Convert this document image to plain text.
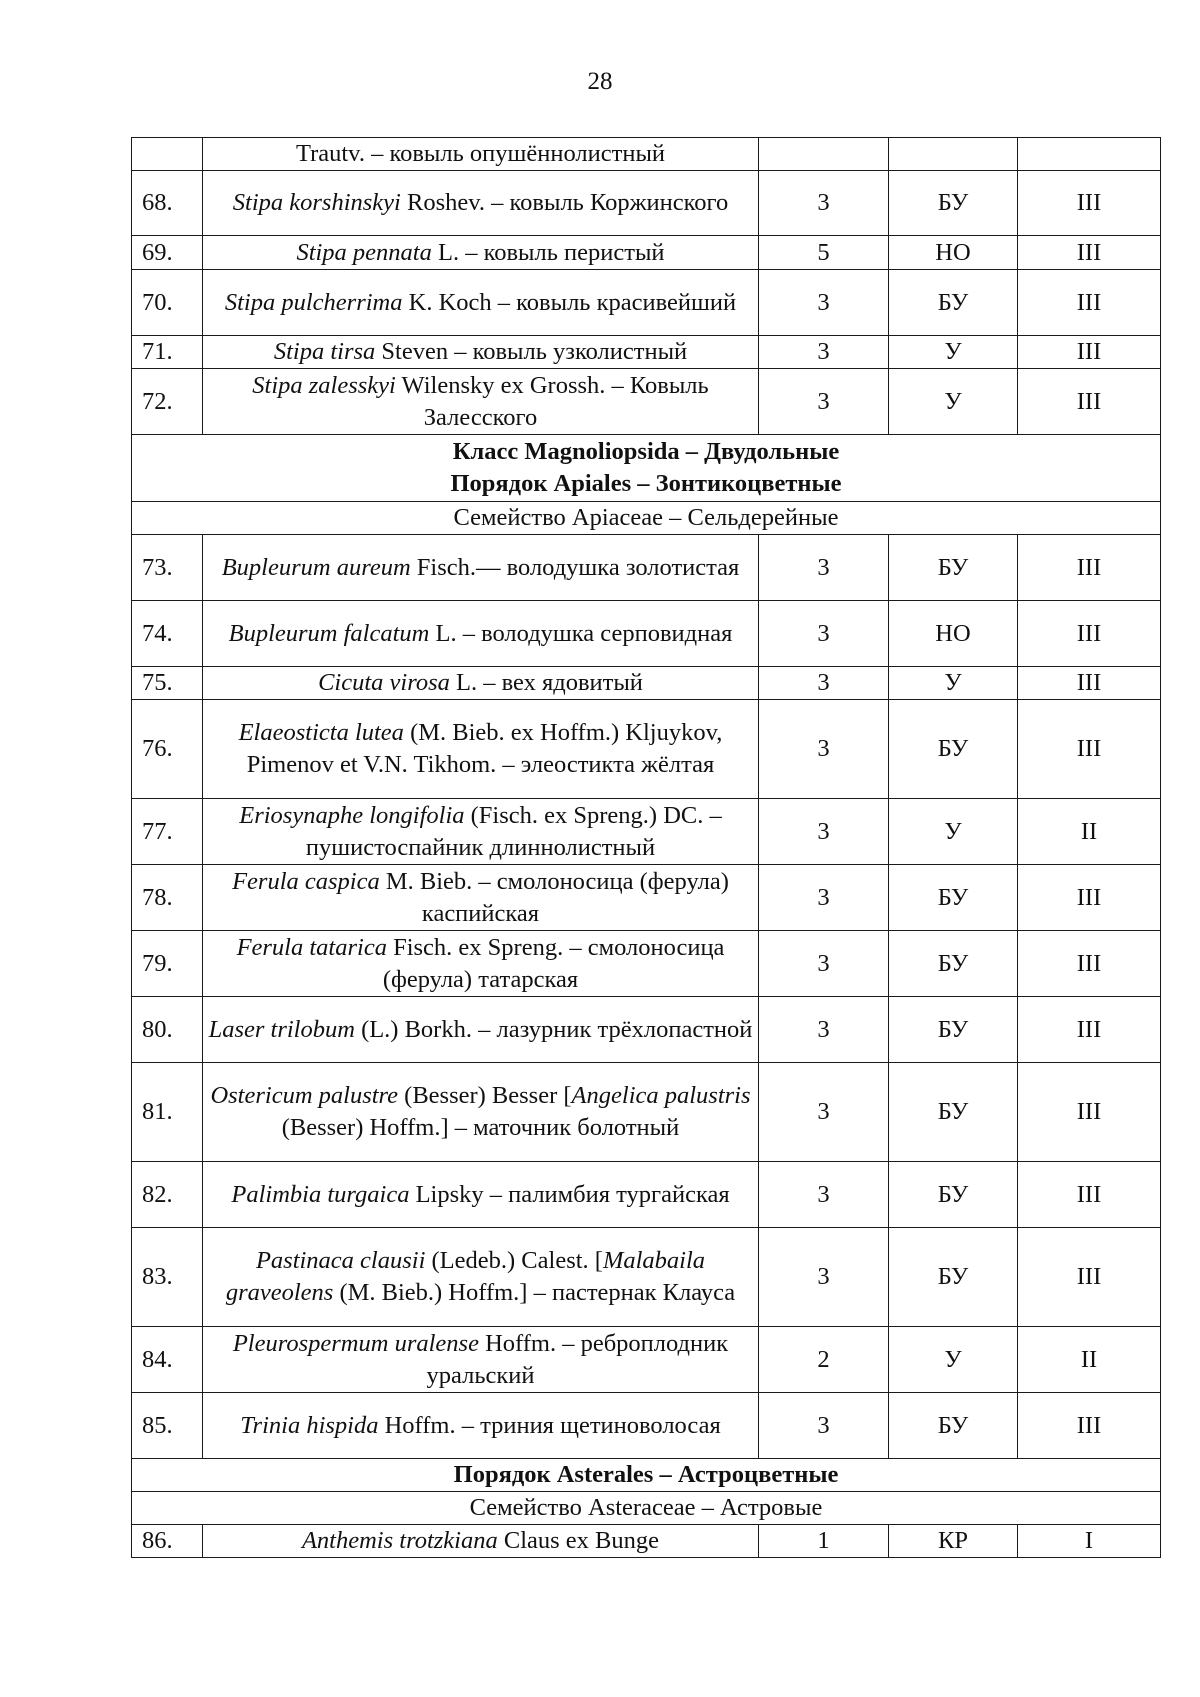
28
	Trautv. – ковыль опушённолистный			
68.	Stipa korshinskyi Roshev. – ковыль Коржинского	3	БУ	III
69.	Stipa pennata L. – ковыль перистый	5	НО	III
70.	Stipa pulcherrima K. Koch – ковыль красивейший	3	БУ	III
71.	Stipa tirsa Steven – ковыль узколистный	3	У	III
72.	Stipa zalesskyi Wilensky ex Grossh. – Ковыль Залесского	3	У	III

Класс Magnoliopsida – Двудольные
Порядок Apiales – Зонтикоцветные				

Семейство Apiaceae – Сельдерейные				

73.	Bupleurum aureum Fisch.— володушка золотистая	3	БУ	III
74.	Bupleurum falcatum L. – володушка серповидная	3	НО	III
75.	Cicuta virosa L. – вех ядовитый	3	У	III
76.	Elaeosticta lutea (M. Bieb. ex Hoffm.) Kljuykov, Pimenov et V.N. Tikhom. – элеостикта жёлтая	3	БУ	III
77.	Eriosynaphe longifolia (Fisch. ex Spreng.) DC. – пушистоспайник длиннолистный	3	У	II
78.	Ferula caspica M. Bieb. – смолоносица (ферула) каспийская	3	БУ	III
79.	Ferula tatarica Fisch. ex Spreng. – смолоносица (ферула) татарская	3	БУ	III
80.	Laser trilobum (L.) Borkh. – лазурник трёхлопастной	3	БУ	III
81.	Ostericum palustre (Besser) Besser [Angelica palustris (Besser) Hoffm.] – маточник болотный	3	БУ	III
82.	Palimbia turgaica Lipsky – палимбия тургайская	3	БУ	III
83.	Pastinaca clausii (Ledeb.) Calest. [Malabaila graveolens (M. Bieb.) Hoffm.] – пастернак Клауса	3	БУ	III
84.	Pleurospermum uralense Hoffm. – реброплодник уральский	2	У	II
85.	Trinia hispida Hoffm. – триния щетиноволосая	3	БУ	III

Порядок Asterales – Астроцветные				

Семейство Asteraceae – Астровые				

86.	Anthemis trotzkiana Claus ex Bunge	1	КР	I
